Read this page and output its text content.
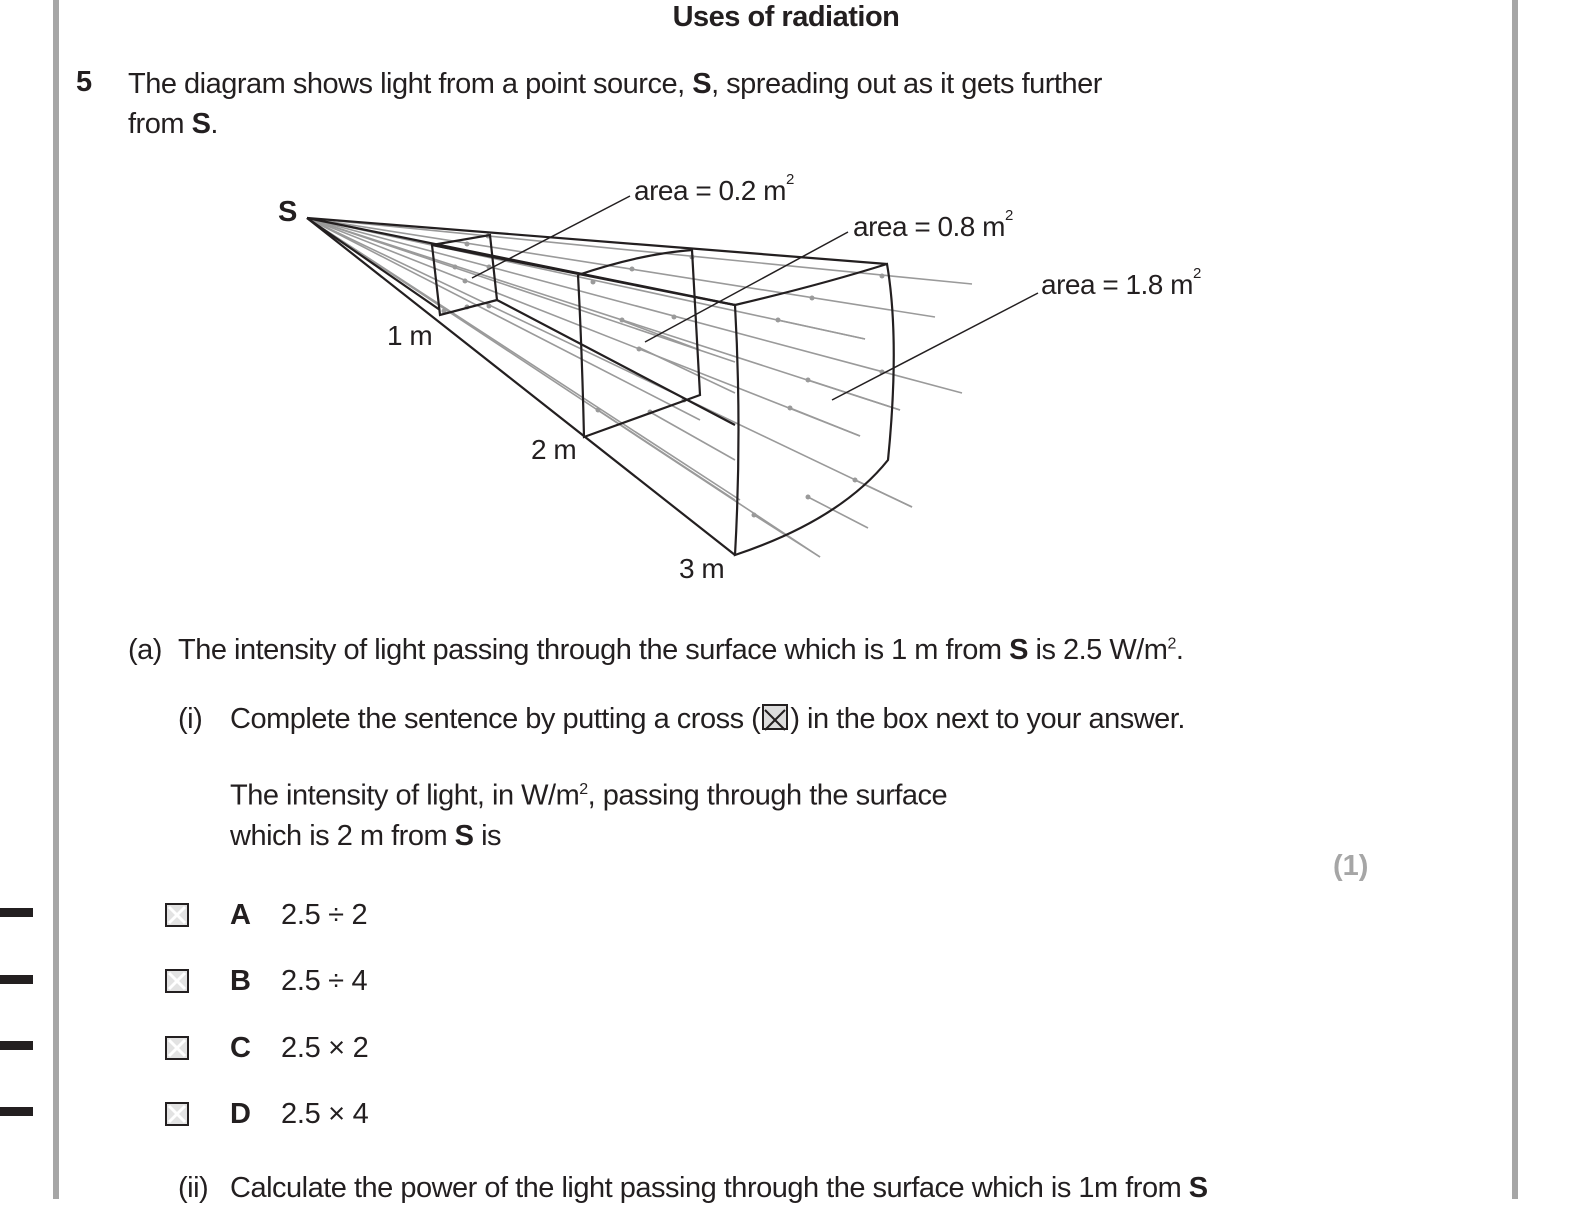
Uses of radiation
5 The diagram shows light from a point source, S, spreading out as it gets further
from S.
S
1 m
2 m
3 m
area = 0.2 $m^2$
area = 0.8 $m^2$
area = 1.8 $m^2$
(a) The intensity of light passing through the surface which is 1 m from S is 2.5 $W/m^2$.
(i) Complete the sentence by putting a cross ( ☒ ) in the box next to your answer.
The intensity of light, in $W/m^2$, passing through the surface
which is 2 m from S is
(1)
A 2.5 ÷ 2
B 2.5 ÷ 4
C 2.5 × 2
D 2.5 × 4
(ii) Calculate the power of the light passing through the surface which is 1m from S
